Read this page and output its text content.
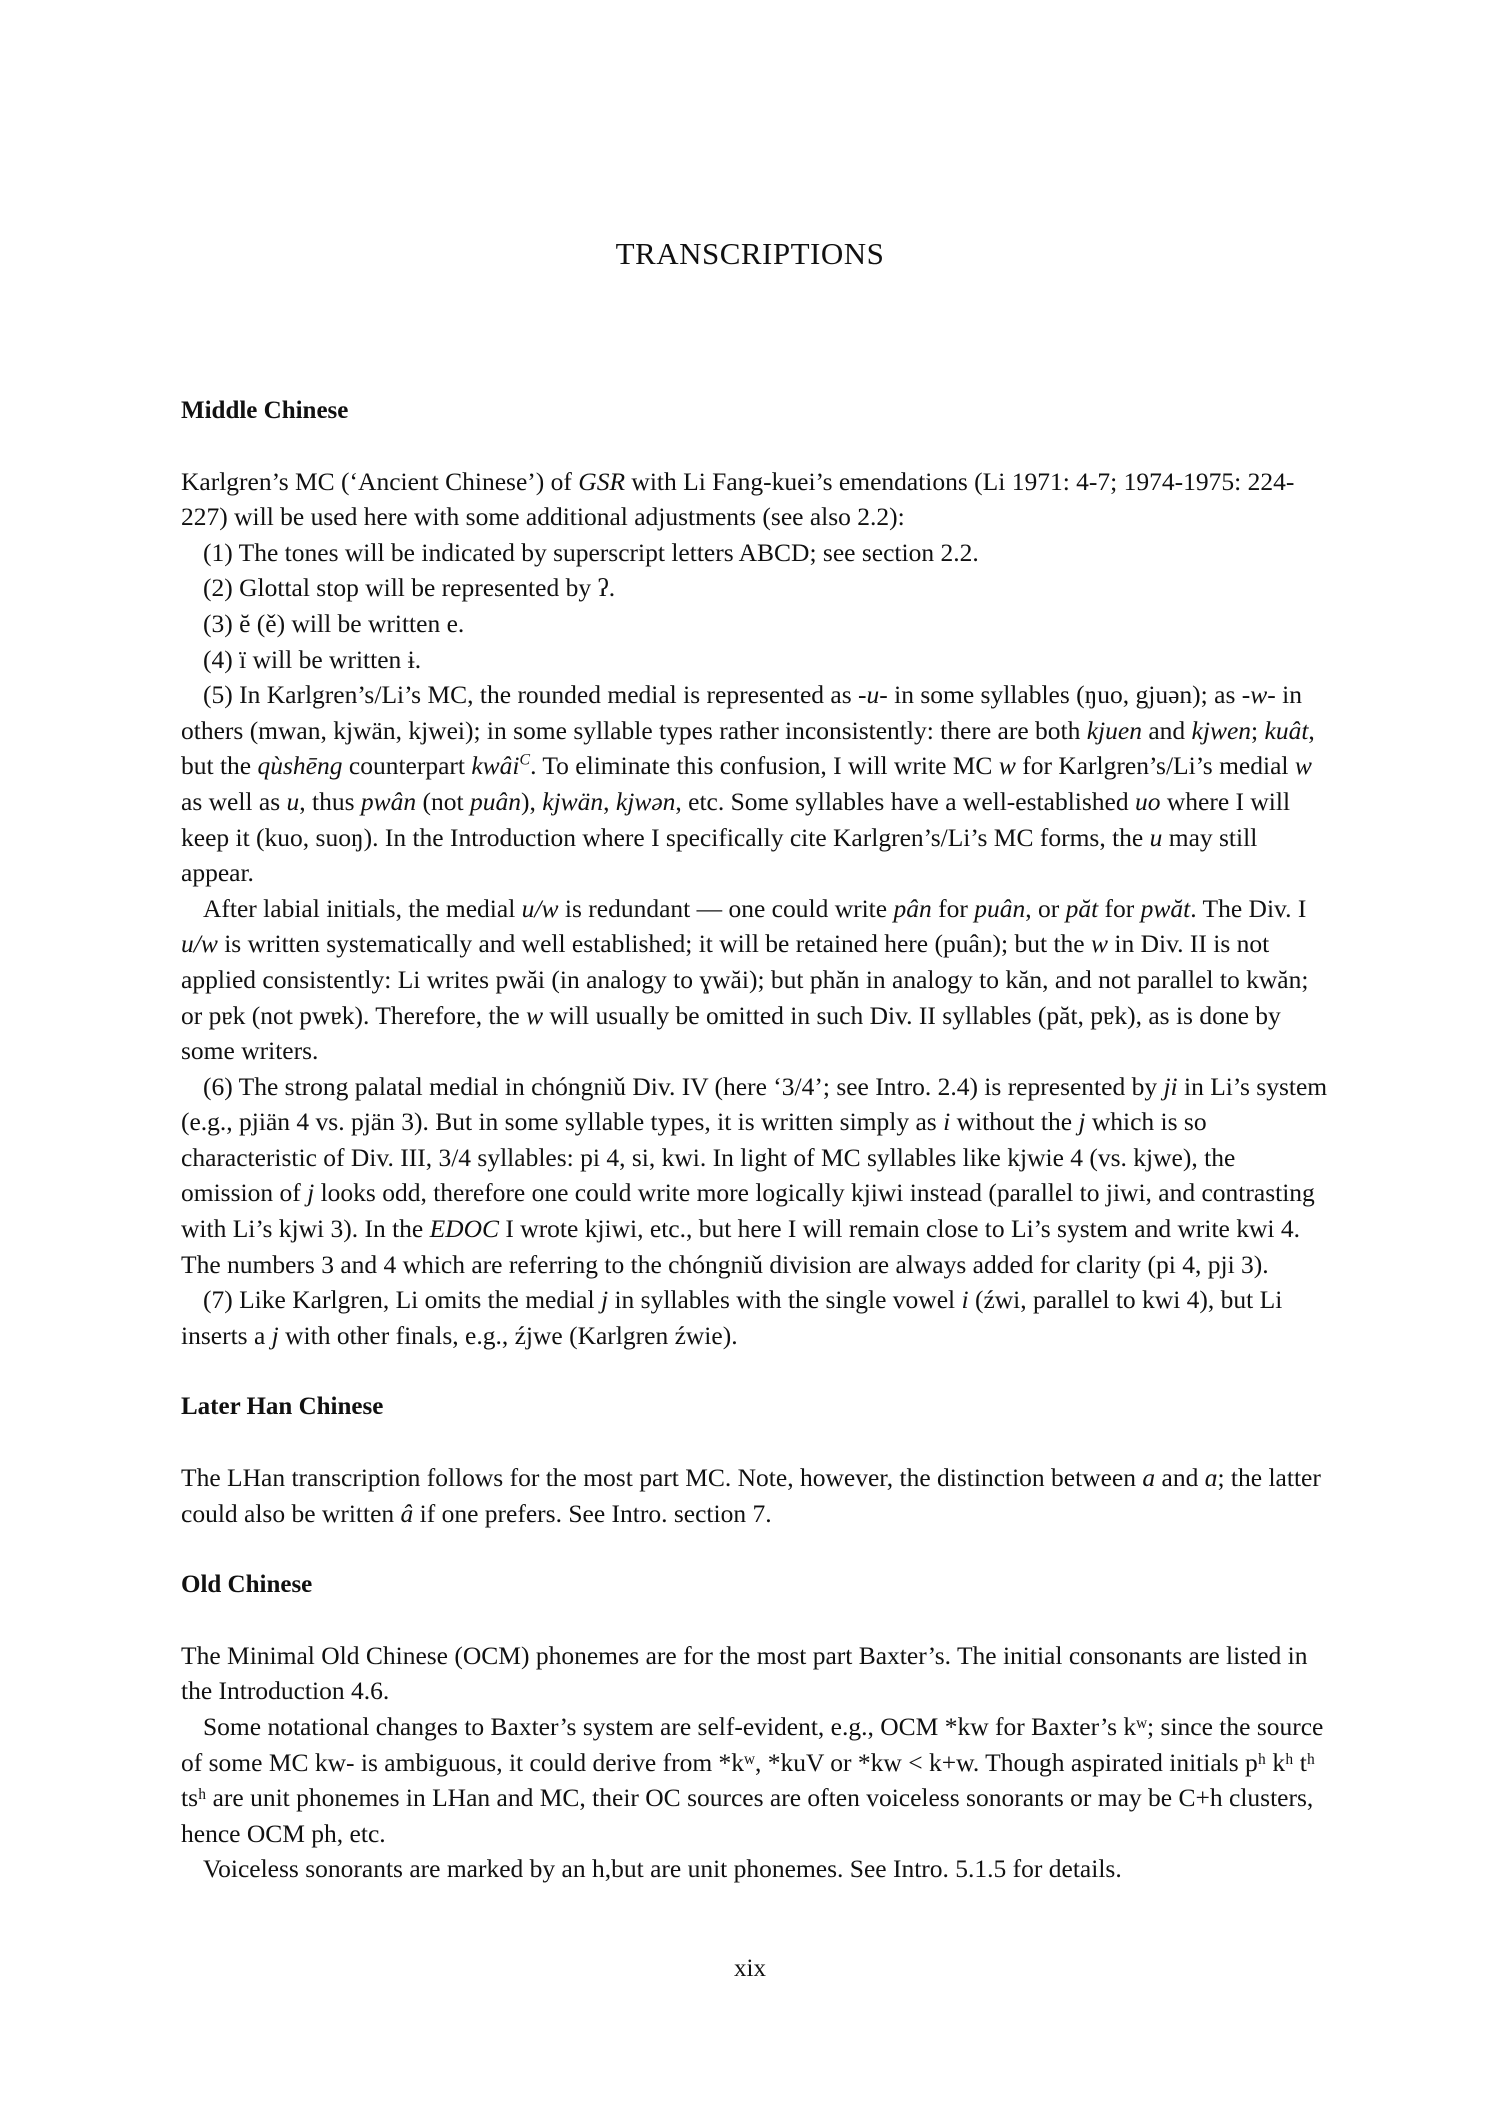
TRANSCRIPTIONS
Middle Chinese

Karlgren’s MC (‘Ancient Chinese’) of GSR with Li Fang-kuei’s emendations (Li 1971: 4-7; 1974-1975: 224-227) will be used here with some additional adjustments (see also 2.2):

(1) The tones will be indicated by superscript letters ABCD; see section 2.2.

(2) Glottal stop will be represented by ʔ.

(3) ĕ (ě) will be written e.

(4) ï will be written ɨ.

(5) In Karlgren’s/Li’s MC, the rounded medial is represented as -u- in some syllables (ŋuo, gjuən); as -w- in others (mwan, kjwän, kjwei); in some syllable types rather inconsistently: there are both kjuen and kjwen; kuât, but the qùshēng counterpart kwâi$^C$. To eliminate this confusion, I will write MC w for Karlgren’s/Li’s medial w as well as u, thus pwân (not puân), kjwän, kjwən, etc. Some syllables have a well-established uo where I will keep it (kuo, suoŋ). In the Introduction where I specifically cite Karlgren’s/Li’s MC forms, the u may still appear.

After labial initials, the medial u/w is redundant — one could write pân for puân, or păt for pwăt. The Div. I u/w is written systematically and well established; it will be retained here (puân); but the w in Div. II is not applied consistently: Li writes pwăi (in analogy to ɣwăi); but phăn in analogy to kăn, and not parallel to kwăn; or pɐk (not pwɐk). Therefore, the w will usually be omitted in such Div. II syllables (păt, pɐk), as is done by some writers.

(6) The strong palatal medial in chóngniǔ Div. IV (here ‘3/4’; see Intro. 2.4) is represented by ji in Li’s system (e.g., pjiän 4 vs. pjän 3). But in some syllable types, it is written simply as i without the j which is so characteristic of Div. III, 3/4 syllables: pi 4, si, kwi. In light of MC syllables like kjwie 4 (vs. kjwe), the omission of j looks odd, therefore one could write more logically kjiwi instead (parallel to jiwi, and contrasting with Li’s kjwi 3). In the EDOC I wrote kjiwi, etc., but here I will remain close to Li’s system and write kwi 4. The numbers 3 and 4 which are referring to the chóngniǔ division are always added for clarity (pi 4, pji 3).

(7) Like Karlgren, Li omits the medial j in syllables with the single vowel i (źwi, parallel to kwi 4), but Li inserts a j with other finals, e.g., źjwe (Karlgren źwie).

Later Han Chinese

The LHan transcription follows for the most part MC. Note, however, the distinction between a and ɑ; the latter could also be written â if one prefers. See Intro. section 7.

Old Chinese

The Minimal Old Chinese (OCM) phonemes are for the most part Baxter’s. The initial consonants are listed in the Introduction 4.6.

Some notational changes to Baxter’s system are self-evident, e.g., OCM *kw for Baxter’s kʷ; since the source of some MC kw- is ambiguous, it could derive from *kʷ, *kuV or *kw < k+w. Though aspirated initials pʰ kʰ tʰ tsʰ are unit phonemes in LHan and MC, their OC sources are often voiceless sonorants or may be C+h clusters, hence OCM ph, etc.

Voiceless sonorants are marked by an h,but are unit phonemes. See Intro. 5.1.5 for details.

xix
